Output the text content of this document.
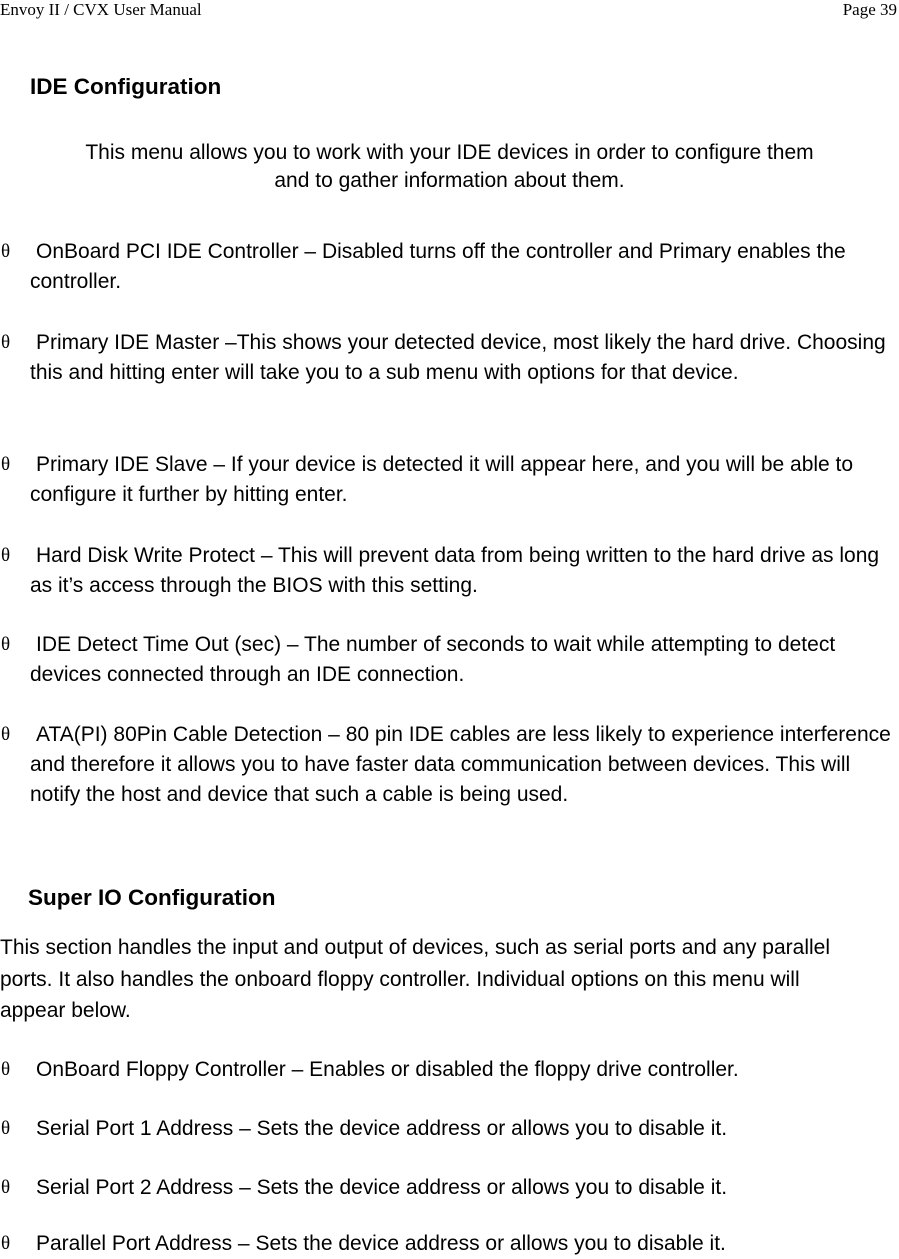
Envoy II / CVX User Manual	Page 39
IDE Configuration
This menu allows you to work with your IDE devices in order to configure them
and to gather information about them.
θ OnBoard PCI IDE Controller – Disabled turns off the controller and Primary enables the controller.
θ Primary IDE Master –This shows your detected device, most likely the hard drive. Choosing this and hitting enter will take you to a sub menu with options for that device.
θ Primary IDE Slave – If your device is detected it will appear here, and you will be able to configure it further by hitting enter.
θ Hard Disk Write Protect – This will prevent data from being written to the hard drive as long as it’s access through the BIOS with this setting.
θ IDE Detect Time Out (sec) – The number of seconds to wait while attempting to detect devices connected through an IDE connection.
θ ATA(PI) 80Pin Cable Detection – 80 pin IDE cables are less likely to experience interference and therefore it allows you to have faster data communication between devices. This will notify the host and device that such a cable is being used.
Super IO Configuration
This section handles the input and output of devices, such as serial ports and any parallel ports. It also handles the onboard floppy controller. Individual options on this menu will appear below.
θ OnBoard Floppy Controller – Enables or disabled the floppy drive controller.
θ Serial Port 1 Address – Sets the device address or allows you to disable it.
θ Serial Port 2 Address – Sets the device address or allows you to disable it.
θ Parallel Port Address – Sets the device address or allows you to disable it.
